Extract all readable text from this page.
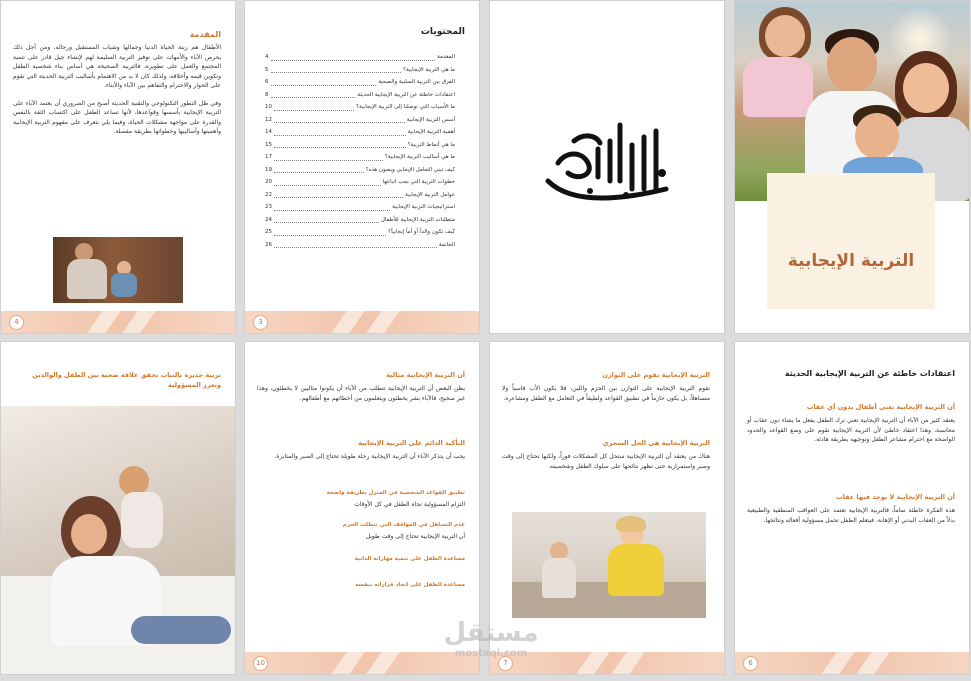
التربية الإيجابية
المحتويات
المقدمة
4
ما هي التربية الإيجابية؟
5
الفرق بين التربية السلبية والصحية
6
اعتقادات خاطئة عن التربية الإيجابية الحديثة
8
ما الأسباب التي توصلنا إلى التربية الإيجابية؟
10
أسس التربية الإيجابية
12
أهمية التربية الإيجابية
14
ما هي أنماط التربية؟
15
ما هي أساليب التربية الإيجابية؟
17
كيف تبني التعامل الإيجابي ويصون هذه؟
19
خطوات التربية التي يجب اتباعها
20
عوامل التربية الإيجابية
22
استراتيجيات التربية الإيجابية
23
متطلبات التربية الإيجابية للأطفال
24
كيف تكون والداً أو أماً إيجابياً؟
25
الخاتمة
26
3
المقدمة

الأطفال هم زينة الحياة الدنيا وجمالها وشباب المستقبل ورجاله، ومن أجل ذلك يحرص الآباء والأمهات على توفير التربية السليمة لهم لإنشاء جيل قادر على تنمية المجتمع والعمل على تطويره، فالتربية الصحيحة هي أساس بناء شخصية الطفل وتكوين قيمه وأخلاقه، ولذلك كان لا بد من الاهتمام بأساليب التربية الحديثة التي تقوم على الحوار والاحترام والتفاهم بين الآباء والأبناء.

وفي ظل التطور التكنولوجي والتقنية الحديثة أصبح من الضروري أن يعتمد الآباء على التربية الإيجابية بأسسها وقواعدها، لأنها تساعد الطفل على اكتساب الثقة بالنفس والقدرة على مواجهة مشكلات الحياة، وفيما يلي نتعرف على مفهوم التربية الإيجابية وأهميتها وأساليبها وخطواتها بطريقة مفصلة.

4
اعتقادات خاطئة عن التربية الإيجابية الحديثة
أن التربية الإيجابية تعني أطفال بدون أي عقاب

يعتقد كثير من الآباء أن التربية الإيجابية تعني ترك الطفل يفعل ما يشاء دون عقاب أو محاسبة، وهذا اعتقاد خاطئ لأن التربية الإيجابية تقوم على وضع القواعد والحدود الواضحة مع احترام مشاعر الطفل وتوجيهه بطريقة هادئة.

أن التربية الإيجابية لا يوجد فيها عقاب

هذه الفكرة خاطئة تماماً، فالتربية الإيجابية تعتمد على العواقب المنطقية والطبيعية بدلاً من العقاب البدني أو الإهانة، فيتعلم الطفل تحمل مسؤولية أفعاله ونتائجها.

6
التربية الإيجابية تقوم على التوازن

تقوم التربية الإيجابية على التوازن بين الحزم واللين، فلا يكون الأب قاسياً ولا متساهلاً، بل يكون حازماً في تطبيق القواعد ولطيفاً في التعامل مع الطفل ومشاعره.

التربية الإيجابية هي الحل السحري

هناك من يعتقد أن التربية الإيجابية ستحل كل المشكلات فوراً، ولكنها تحتاج إلى وقت وصبر واستمرارية حتى تظهر نتائجها على سلوك الطفل وشخصيته.

7
أن التربية الإيجابية مثالية

يظن البعض أن التربية الإيجابية تتطلب من الآباء أن يكونوا مثاليين لا يخطئون، وهذا غير صحيح، فالآباء بشر يخطئون ويتعلمون من أخطائهم مع أطفالهم.

التأكيد الدائم على التربية الإيجابية

يجب أن يتذكر الآباء أن التربية الإيجابية رحلة طويلة تحتاج إلى الصبر والمثابرة.

تطبيق القواعد الشخصية في المنزل بطريقة واضحة
التزام المسؤولية تجاه الطفل في كل الأوقات
عدم التساهل في المواقف التي تتطلب الحزم
أن التربية الإيجابية تحتاج إلى وقت طويل
مساعدة الطفل على تنمية مهاراته الذاتية
مساعدة الطفل على اتخاذ قراراته بنفسه
10
تربية جديرة بالنبات تحقق علاقة صحية بين الطفل والوالدين وتعزز المسؤولية
مستقل
mostaql.com
